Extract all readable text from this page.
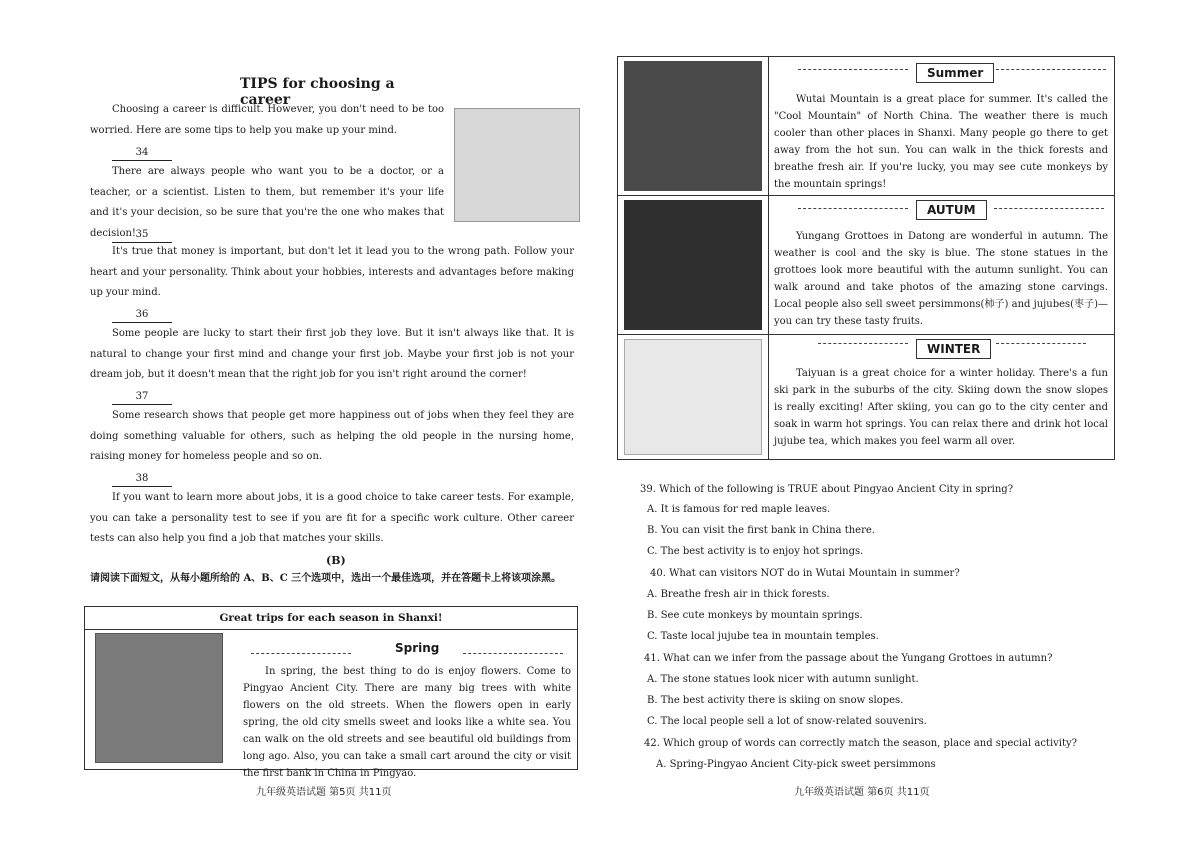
TIPS for choosing a career
Choosing a career is difficult. However, you don't need to be too worried. Here are some tips to help you make up your mind.
34
There are always people who want you to be a doctor, or a teacher, or a scientist. Listen to them, but remember it's your life and it's your decision, so be sure that you're the one who makes that decision! 35
It's true that money is important, but don't let it lead you to the wrong path. Follow your heart and your personality. Think about your hobbies, interests and advantages before making up your mind.
36
Some people are lucky to start their first job they love. But it isn't always like that. It is natural to change your first mind and change your first job. Maybe your first job is not your dream job, but it doesn't mean that the right job for you isn't right around the corner!
37
Some research shows that people get more happiness out of jobs when they feel they are doing something valuable for others, such as helping the old people in the nursing home, raising money for homeless people and so on.
38
If you want to learn more about jobs, it is a good choice to take career tests. For example, you can take a personality test to see if you are fit for a specific work culture. Other career tests can also help you find a job that matches your skills.
(B)
请阅读下面短文，从每小题所给的 A、B、C 三个选项中，选出一个最佳选项，并在答题卡上将该项涂黑。
Great trips for each season in Shanxi!
Spring
In spring, the best thing to do is enjoy flowers. Come to Pingyao Ancient City. There are many big trees with white flowers on the old streets. When the flowers open in early spring, the old city smells sweet and looks like a white sea. You can walk on the old streets and see beautiful old buildings from long ago. Also, you can take a small cart around the city or visit the first bank in China in Pingyao.
九年级英语试题 第5页 共11页
Summer
Wutai Mountain is a great place for summer. It's called the "Cool Mountain" of North China. The weather there is much cooler than other places in Shanxi. Many people go there to get away from the hot sun. You can walk in the thick forests and breathe fresh air. If you're lucky, you may see cute monkeys by the mountain springs!
AUTUM
Yungang Grottoes in Datong are wonderful in autumn. The weather is cool and the sky is blue. The stone statues in the grottoes look more beautiful with the autumn sunlight. You can walk around and take photos of the amazing stone carvings. Local people also sell sweet persimmons(柿子) and jujubes(枣子)—you can try these tasty fruits.
WINTER
Taiyuan is a great choice for a winter holiday. There's a fun ski park in the suburbs of the city. Skiing down the snow slopes is really exciting! After skiing, you can go to the city center and soak in warm hot springs. You can relax there and drink hot local jujube tea, which makes you feel warm all over.
39. Which of the following is TRUE about Pingyao Ancient City in spring?
A. It is famous for red maple leaves.
B. You can visit the first bank in China there.
C. The best activity is to enjoy hot springs.
40. What can visitors NOT do in Wutai Mountain in summer?
A. Breathe fresh air in thick forests.
B. See cute monkeys by mountain springs.
C. Taste local jujube tea in mountain temples.
41. What can we infer from the passage about the Yungang Grottoes in autumn?
A. The stone statues look nicer with autumn sunlight.
B. The best activity there is skiing on snow slopes.
C. The local people sell a lot of snow-related souvenirs.
42. Which group of words can correctly match the season, place and special activity?
A. Spring-Pingyao Ancient City-pick sweet persimmons
九年级英语试题 第6页 共11页
